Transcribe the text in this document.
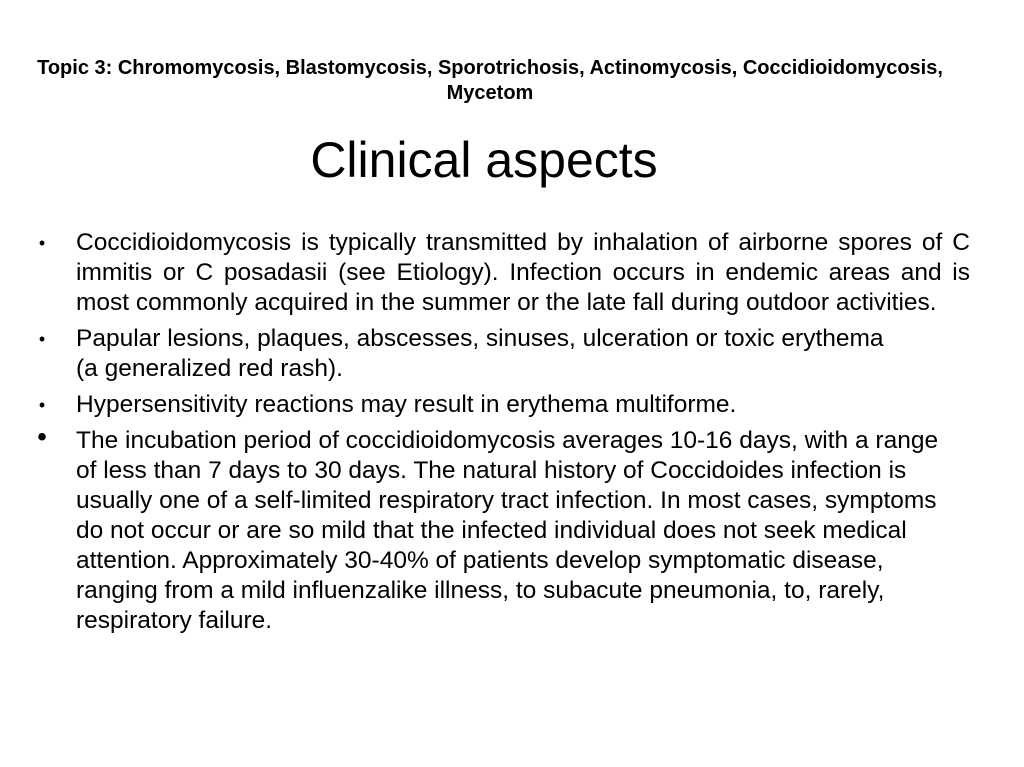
Topic 3: Chromomycosis, Blastomycosis, Sporotrichosis, Actinomycosis, Coccidioidomycosis, Mycetom
Clinical aspects
• Coccidioidomycosis is typically transmitted by inhalation of airborne spores of C immitis or C posadasii (see Etiology). Infection occurs in endemic areas and is most commonly acquired in the summer or the late fall during outdoor activities.
• Papular lesions, plaques, abscesses, sinuses, ulceration or toxic erythema (a generalized red rash).
• Hypersensitivity reactions may result in erythema multiforme.
• The incubation period of coccidioidomycosis averages 10-16 days, with a range of less than 7 days to 30 days. The natural history of Coccidoides infection is usually one of a self-limited respiratory tract infection. In most cases, symptoms do not occur or are so mild that the infected individual does not seek medical attention. Approximately 30-40% of patients develop symptomatic disease, ranging from a mild influenzalike illness, to subacute pneumonia, to, rarely, respiratory failure.
